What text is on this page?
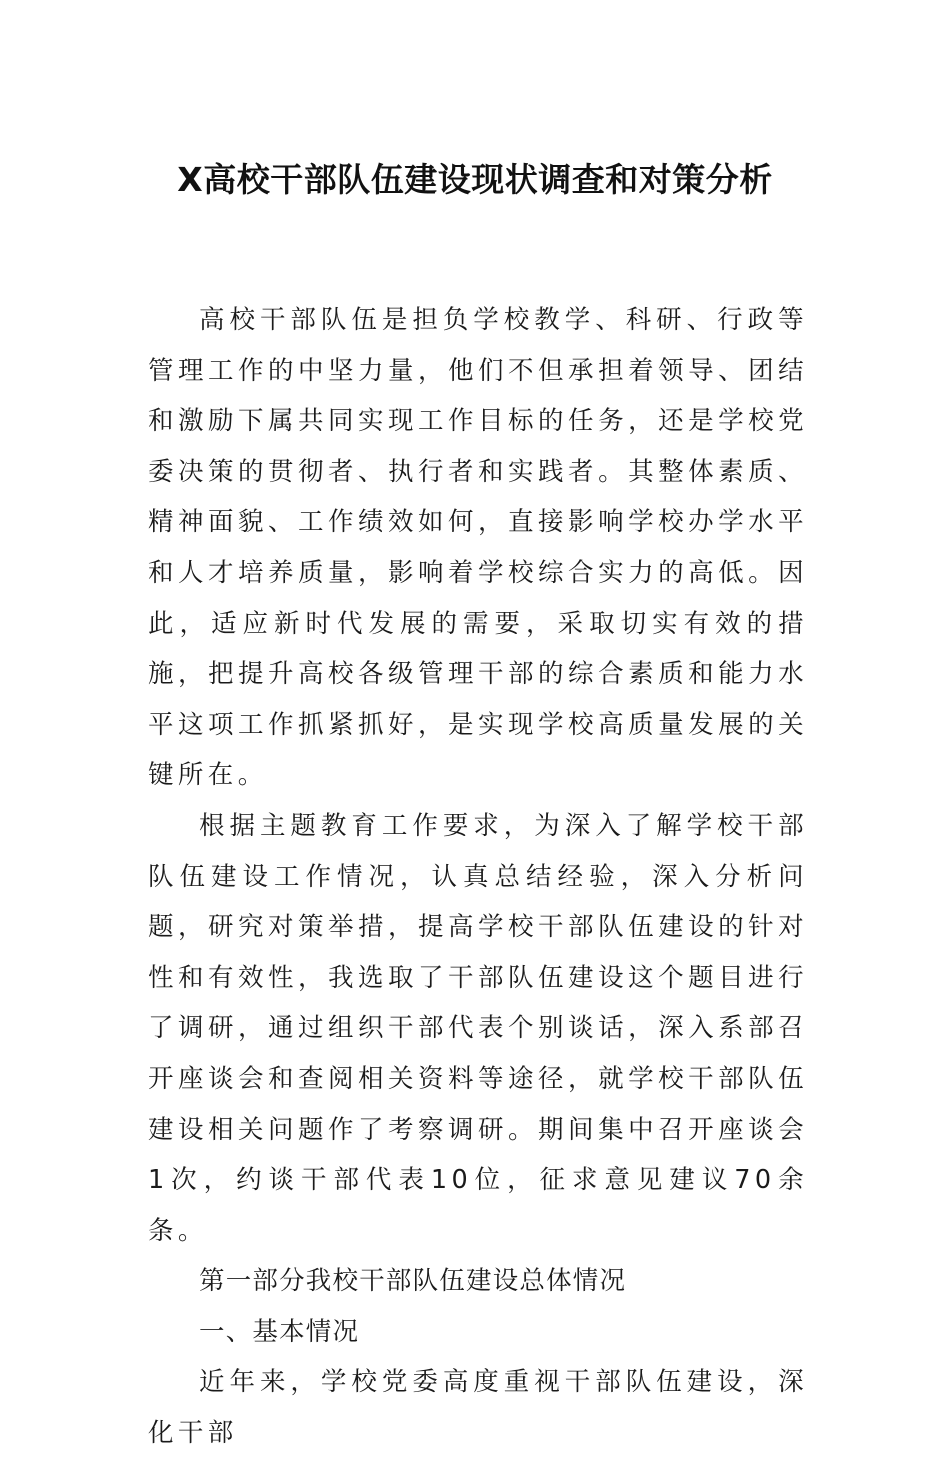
X高校干部队伍建设现状调查和对策分析

高校干部队伍是担负学校教学、科研、行政等管理工作的中坚力量，他们不但承担着领导、团结和激励下属共同实现工作目标的任务，还是学校党委决策的贯彻者、执行者和实践者。其整体素质、精神面貌、工作绩效如何，直接影响学校办学水平和人才培养质量，影响着学校综合实力的高低。因此，适应新时代发展的需要，采取切实有效的措施，把提升高校各级管理干部的综合素质和能力水平这项工作抓紧抓好，是实现学校高质量发展的关键所在。

根据主题教育工作要求，为深入了解学校干部队伍建设工作情况，认真总结经验，深入分析问题，研究对策举措，提高学校干部队伍建设的针对性和有效性，我选取了干部队伍建设这个题目进行了调研，通过组织干部代表个别谈话，深入系部召开座谈会和查阅相关资料等途径，就学校干部队伍建设相关问题作了考察调研。期间集中召开座谈会1次，约谈干部代表10位，征求意见建议70余条。

第一部分我校干部队伍建设总体情况

一、基本情况

近年来，学校党委高度重视干部队伍建设，深化干部
